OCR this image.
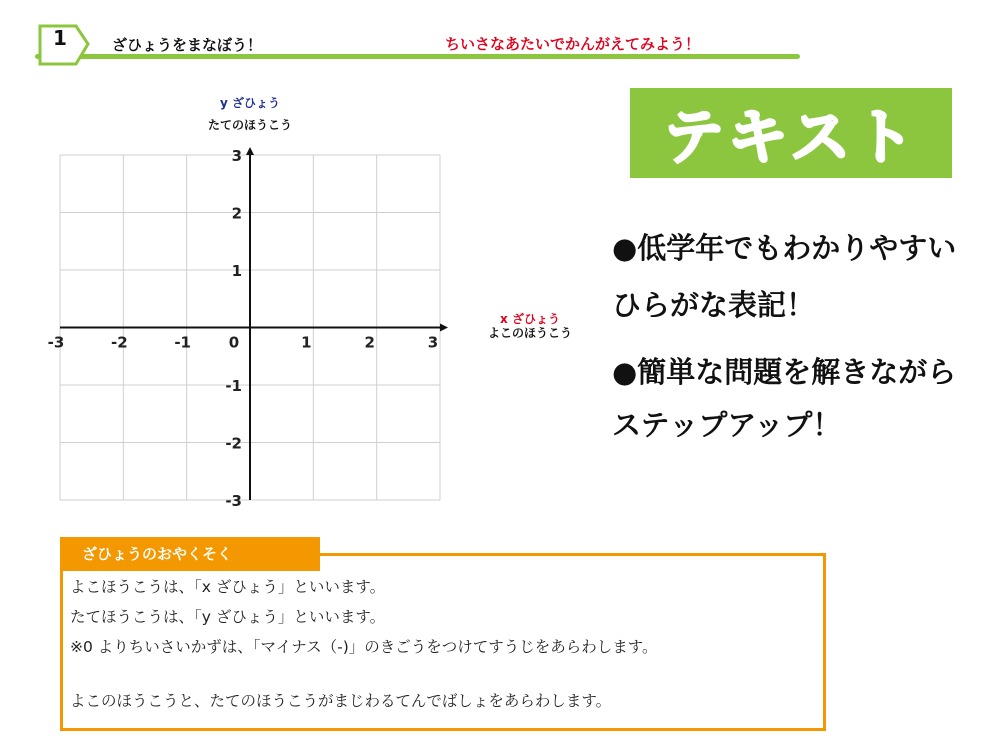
1	ざひょうをまなぼう！	ちいさなあたいでかんがえてみよう！
y ざひょう
たてのほうこう
x ざひょう
よこのほうこう
-3	-2	-1	0	1	2	3
3
2
1
-1
-2
-3
テキスト
●低学年でもわかりやすい
ひらがな表記！
●簡単な問題を解きながら
ステップアップ！
ざひょうのおやくそく
よこほうこうは、「x ざひょう」といいます。
たてほうこうは、「y ざひょう」といいます。
※0 よりちいさいかずは、「マイナス（-)」のきごうをつけてすうじをあらわします。
よこのほうこうと、たてのほうこうがまじわるてんでばしょをあらわします。
